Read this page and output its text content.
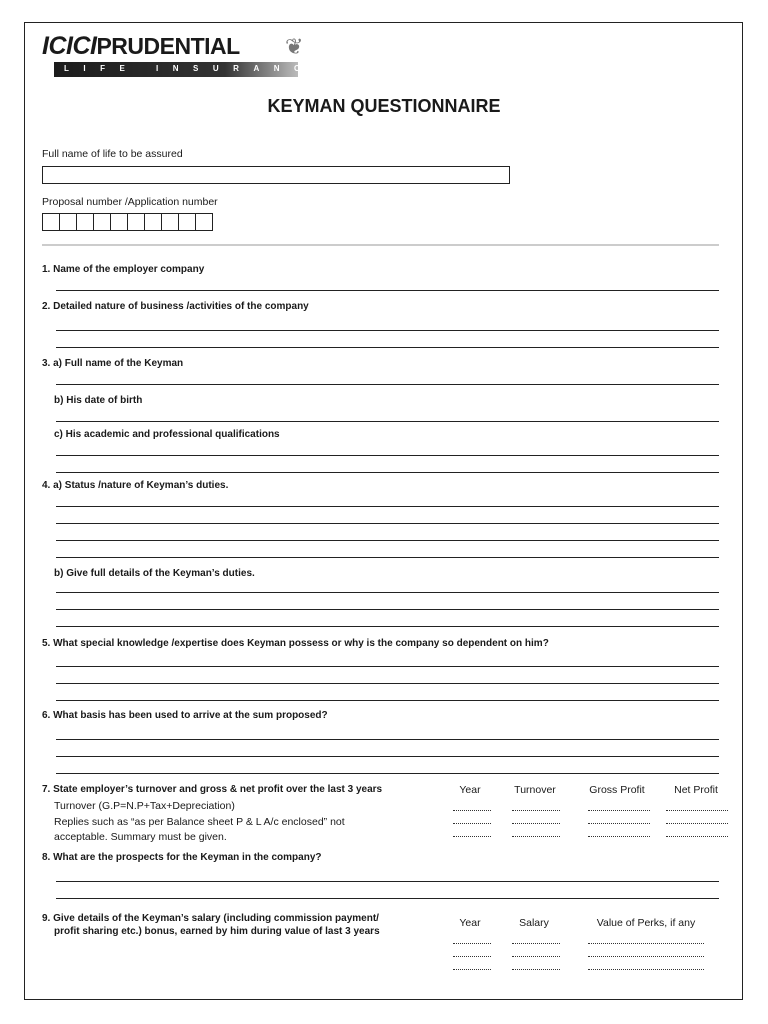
ICICIPRUDENTIAL ❦
LIFE INSURANCE
KEYMAN QUESTIONNAIRE
Full name of life to be assured
Proposal number /Application number
1. Name of the employer company
2. Detailed nature of business /activities of the company
3. a) Full name of the Keyman
b) His date of birth
c) His academic and professional qualifications
4. a) Status /nature of Keyman’s duties.
b) Give full details of the Keyman’s duties.
5. What special knowledge /expertise does Keyman possess or why is the company so dependent on him?
6. What basis has been used to arrive at the sum proposed?
7. State employer’s turnover and gross & net profit over the last 3 years
Turnover (G.P=N.P+Tax+Depreciation)
Replies such as “as per Balance sheet P & L A/c enclosed” not
acceptable. Summary must be given.
Year	Turnover	Gross Profit	Net Profit
8. What are the prospects for the Keyman in the company?
9. Give details of the Keyman’s salary (including commission payment/
profit sharing etc.) bonus, earned by him during value of last 3 years
Year	Salary	Value of Perks, if any
